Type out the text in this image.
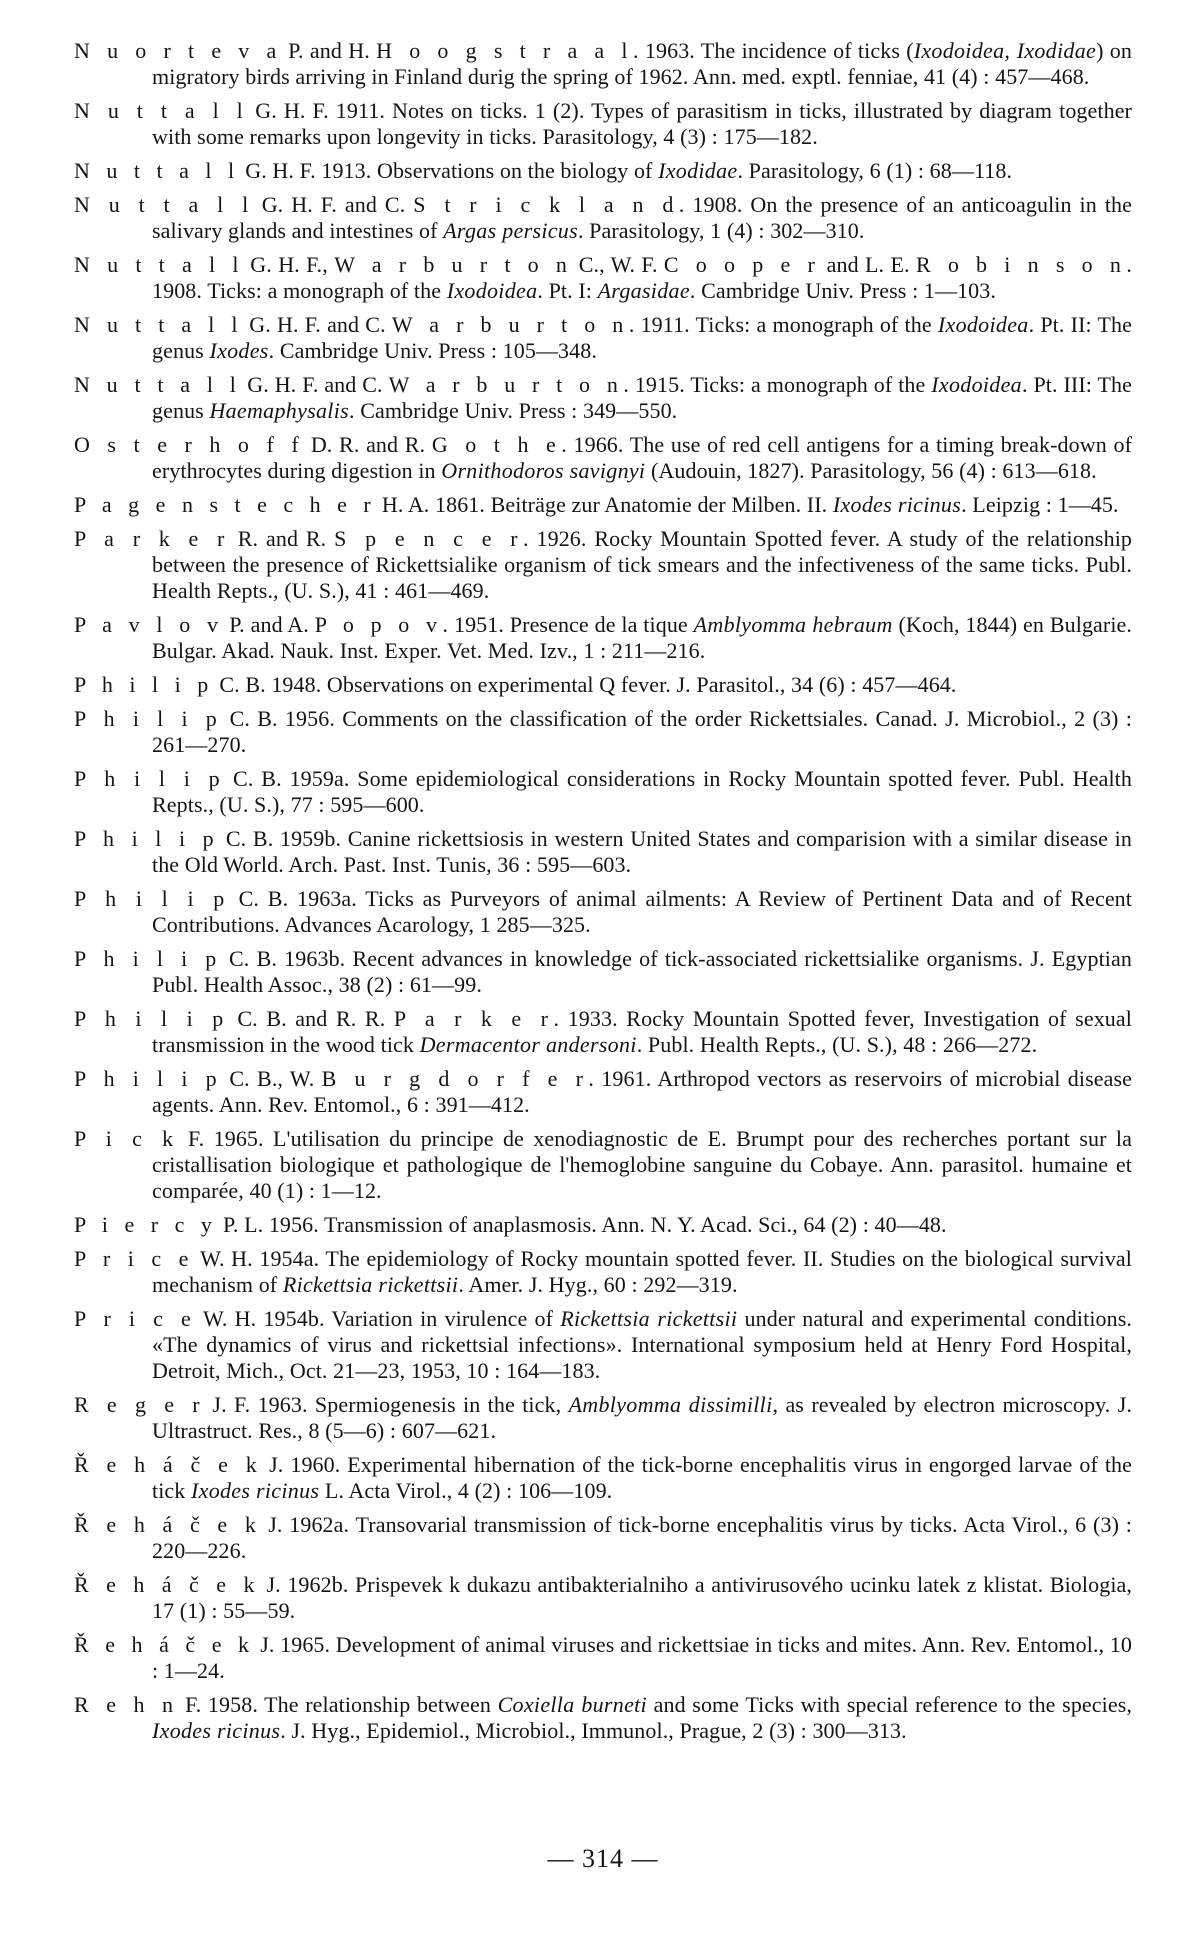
N u o r t e v a P. and H. H o o g s t r a a l. 1963. The incidence of ticks (Ixodoidea, Ixodidae) on migratory birds arriving in Finland durig the spring of 1962. Ann. med. exptl. fenniae, 41 (4) : 457—468.

N u t t a l l G. H. F. 1911. Notes on ticks. 1 (2). Types of parasitism in ticks, illustrated by diagram together with some remarks upon longevity in ticks. Parasitology, 4 (3) : 175—182.

N u t t a l l G. H. F. 1913. Observations on the biology of Ixodidae. Parasitology, 6 (1) : 68—118.

N u t t a l l G. H. F. and C. S t r i c k l a n d. 1908. On the presence of an anticoagulin in the salivary glands and intestines of Argas persicus. Parasitology, 1 (4) : 302—310.

N u t t a l l G. H. F., W a r b u r t o n C., W. F. C o o p e r and L. E. R o b i n s o n. 1908. Ticks: a monograph of the Ixodoidea. Pt. I: Argasidae. Cambridge Univ. Press : 1—103.

N u t t a l l G. H. F. and C. W a r b u r t o n. 1911. Ticks: a monograph of the Ixodoidea. Pt. II: The genus Ixodes. Cambridge Univ. Press : 105—348.

N u t t a l l G. H. F. and C. W a r b u r t o n. 1915. Ticks: a monograph of the Ixodoidea. Pt. III: The genus Haemaphysalis. Cambridge Univ. Press : 349—550.

O s t e r h o f f D. R. and R. G o t h e. 1966. The use of red cell antigens for a timing break-down of erythrocytes during digestion in Ornithodoros savignyi (Audouin, 1827). Parasitology, 56 (4) : 613—618.

P a g e n s t e c h e r H. A. 1861. Beiträge zur Anatomie der Milben. II. Ixodes ricinus. Leipzig : 1—45.

P a r k e r R. and R. S p e n c e r. 1926. Rocky Mountain Spotted fever. A study of the relationship between the presence of Rickettsialike organism of tick smears and the infectiveness of the same ticks. Publ. Health Repts., (U. S.), 41 : 461—469.

P a v l o v P. and A. P o p o v. 1951. Presence de la tique Amblyomma hebraum (Koch, 1844) en Bulgarie. Bulgar. Akad. Nauk. Inst. Exper. Vet. Med. Izv., 1 : 211—216.

P h i l i p C. B. 1948. Observations on experimental Q fever. J. Parasitol., 34 (6) : 457—464.

P h i l i p C. B. 1956. Comments on the classification of the order Rickettsiales. Canad. J. Microbiol., 2 (3) : 261—270.

P h i l i p C. B. 1959a. Some epidemiological considerations in Rocky Mountain spotted fever. Publ. Health Repts., (U. S.), 77 : 595—600.

P h i l i p C. B. 1959b. Canine rickettsiosis in western United States and comparision with a similar disease in the Old World. Arch. Past. Inst. Tunis, 36 : 595—603.

P h i l i p C. B. 1963a. Ticks as Purveyors of animal ailments: A Review of Pertinent Data and of Recent Contributions. Advances Acarology, 1 285—325.

P h i l i p C. B. 1963b. Recent advances in knowledge of tick-associated rickettsialike organisms. J. Egyptian Publ. Health Assoc., 38 (2) : 61—99.

P h i l i p C. B. and R. R. P a r k e r. 1933. Rocky Mountain Spotted fever, Investigation of sexual transmission in the wood tick Dermacentor andersoni. Publ. Health Repts., (U. S.), 48 : 266—272.

P h i l i p C. B., W. B u r g d o r f e r. 1961. Arthropod vectors as reservoirs of microbial disease agents. Ann. Rev. Entomol., 6 : 391—412.

P i c k F. 1965. L'utilisation du principe de xenodiagnostic de E. Brumpt pour des recherches portant sur la cristallisation biologique et pathologique de l'hemoglobine sanguine du Cobaye. Ann. parasitol. humaine et comparée, 40 (1) : 1—12.

P i e r c y P. L. 1956. Transmission of anaplasmosis. Ann. N. Y. Acad. Sci., 64 (2) : 40—48.

P r i c e W. H. 1954a. The epidemiology of Rocky mountain spotted fever. II. Studies on the biological survival mechanism of Rickettsia rickettsii. Amer. J. Hyg., 60 : 292—319.

P r i c e W. H. 1954b. Variation in virulence of Rickettsia rickettsii under natural and experimental conditions. «The dynamics of virus and rickettsial infections». International symposium held at Henry Ford Hospital, Detroit, Mich., Oct. 21—23, 1953, 10 : 164—183.

R e g e r J. F. 1963. Spermiogenesis in the tick, Amblyomma dissimilli, as revealed by electron microscopy. J. Ultrastruct. Res., 8 (5—6) : 607—621.

Ř e h á č e k J. 1960. Experimental hibernation of the tick-borne encephalitis virus in engorged larvae of the tick Ixodes ricinus L. Acta Virol., 4 (2) : 106—109.

Ř e h á č e k J. 1962a. Transovarial transmission of tick-borne encephalitis virus by ticks. Acta Virol., 6 (3) : 220—226.

Ř e h á č e k J. 1962b. Prispevek k dukazu antibakterialniho a antivirusového ucinku latek z klistat. Biologia, 17 (1) : 55—59.

Ř e h á č e k J. 1965. Development of animal viruses and rickettsiae in ticks and mites. Ann. Rev. Entomol., 10 : 1—24.

R e h n F. 1958. The relationship between Coxiella burneti and some Ticks with special reference to the species, Ixodes ricinus. J. Hyg., Epidemiol., Microbiol., Immunol., Prague, 2 (3) : 300—313.

— 314 —
